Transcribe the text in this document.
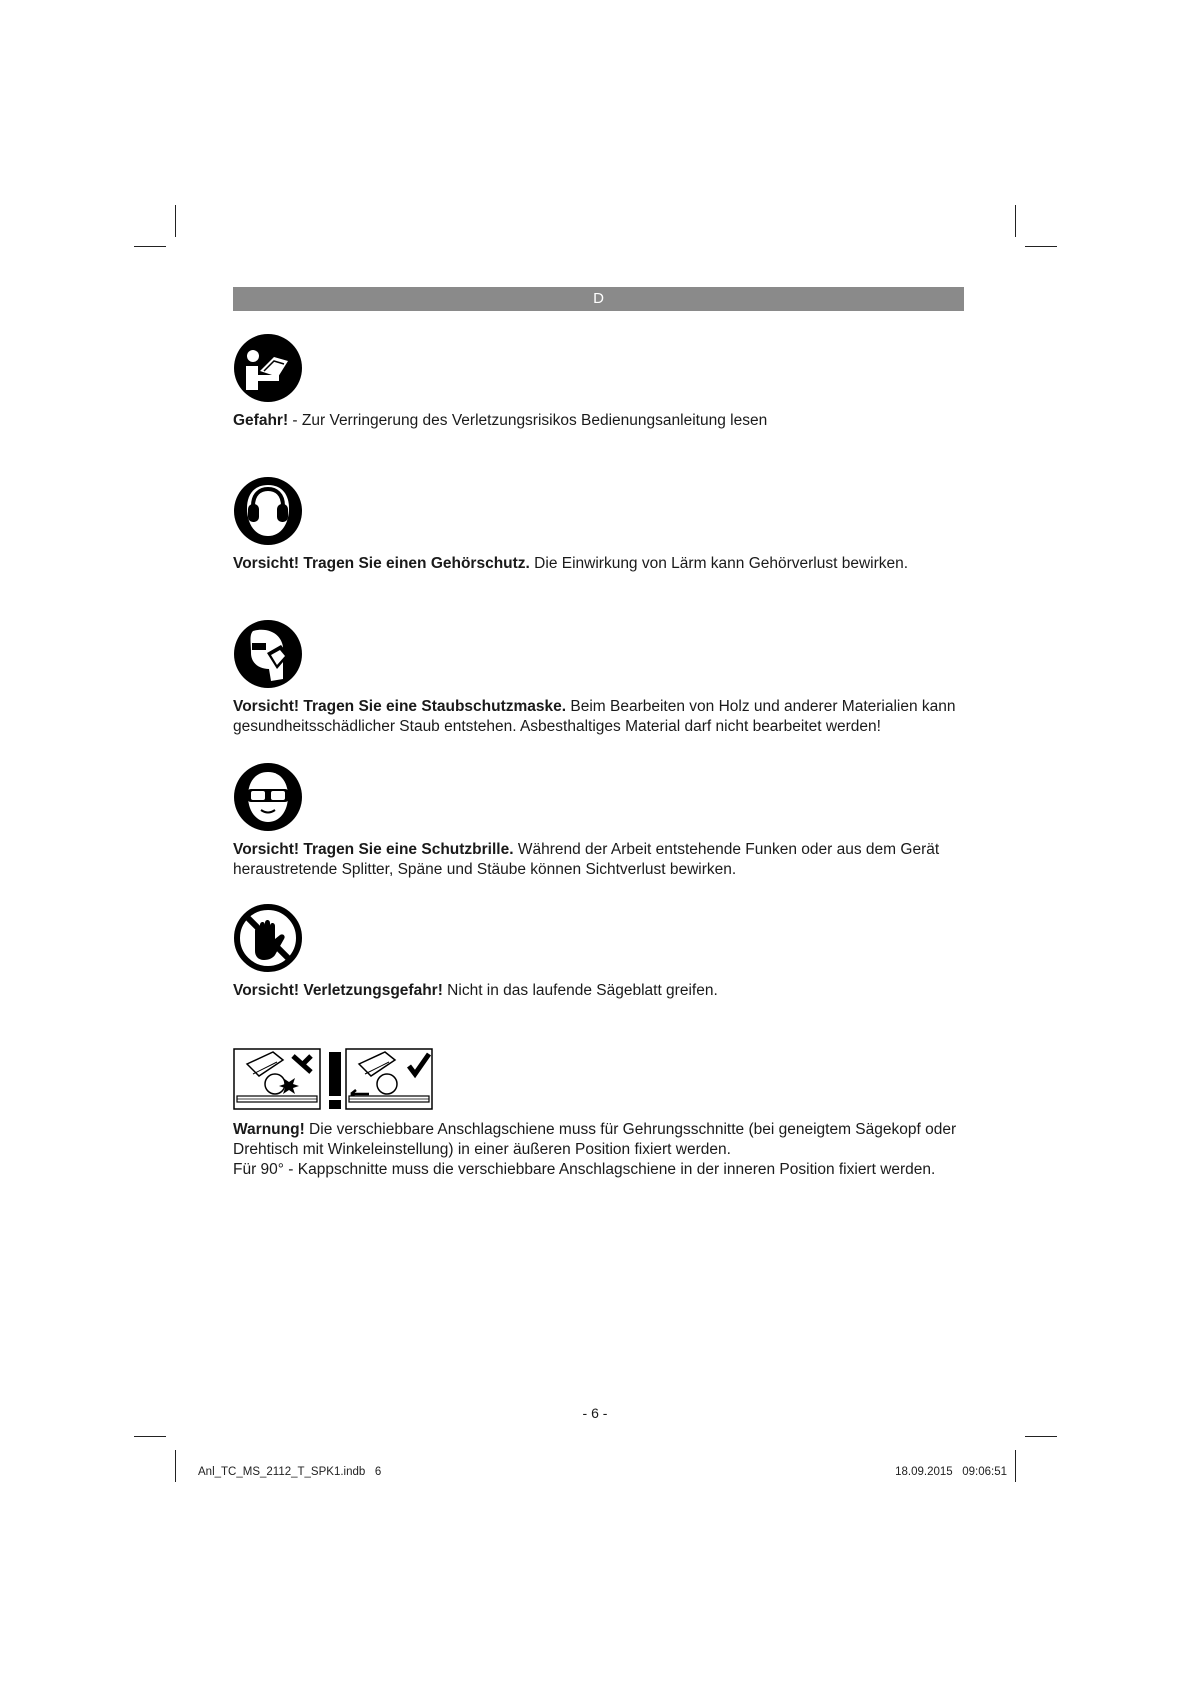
D

Gefahr! - Zur Verringerung des Verletzungsrisikos Bedienungsanleitung lesen

Vorsicht! Tragen Sie einen Gehörschutz. Die Einwirkung von Lärm kann Gehörverlust bewirken.

Vorsicht! Tragen Sie eine Staubschutzmaske. Beim Bearbeiten von Holz und anderer Materialien kann gesundheitsschädlicher Staub entstehen. Asbesthaltiges Material darf nicht bearbeitet werden!

Vorsicht! Tragen Sie eine Schutzbrille. Während der Arbeit entstehende Funken oder aus dem Gerät heraustretende Splitter, Späne und Stäube können Sichtverlust bewirken.

Vorsicht! Verletzungsgefahr! Nicht in das laufende Sägeblatt greifen.

Warnung! Die verschiebbare Anschlagschiene muss für Gehrungsschnitte (bei geneigtem Sägekopf oder Drehtisch mit Winkeleinstellung) in einer äußeren Position fixiert werden.
Für 90° - Kappschnitte muss die verschiebbare Anschlagschiene in der inneren Position fixiert werden.

- 6 -
Anl_TC_MS_2112_T_SPK1.indb   6	18.09.2015   09:06:51
